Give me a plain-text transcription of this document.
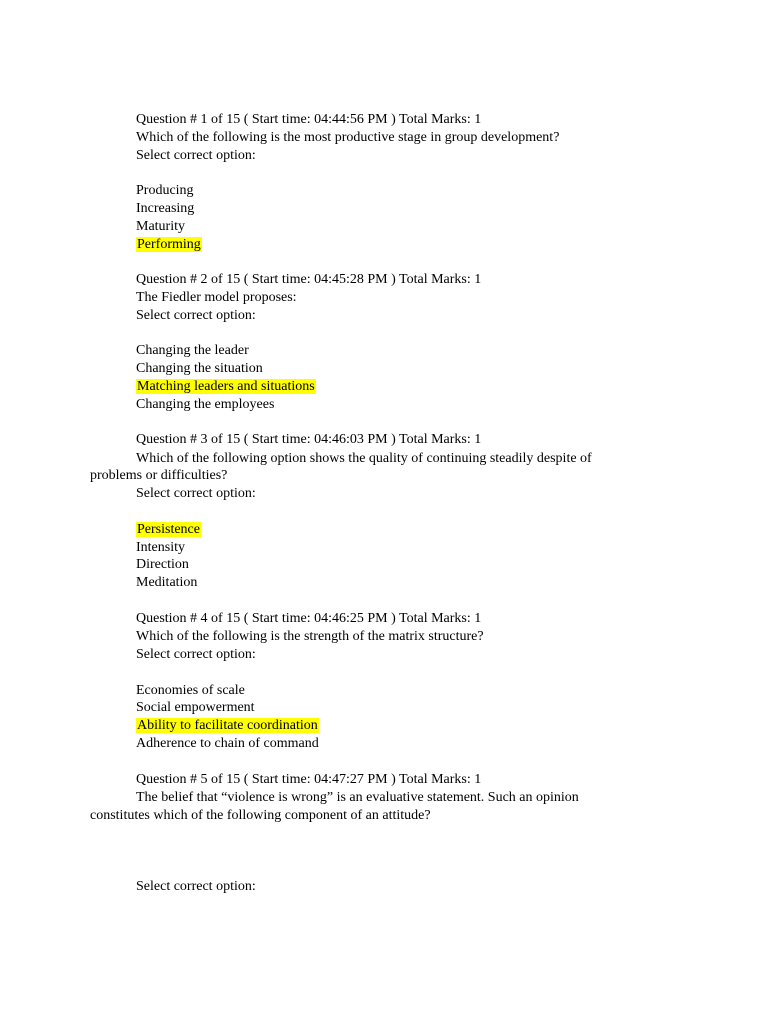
Question # 1 of 15 ( Start time: 04:44:56 PM ) Total Marks: 1
Which of the following is the most productive stage in group development?
Select correct option:
Producing
Increasing
Maturity
Performing
Question # 2 of 15 ( Start time: 04:45:28 PM ) Total Marks: 1
The Fiedler model proposes:
Select correct option:
Changing the leader
Changing the situation
Matching leaders and situations
Changing the employees
Question # 3 of 15 ( Start time: 04:46:03 PM ) Total Marks: 1
Which of the following option shows the quality of continuing steadily despite of
problems or difficulties?
Select correct option:
Persistence
Intensity
Direction
Meditation
Question # 4 of 15 ( Start time: 04:46:25 PM ) Total Marks: 1
Which of the following is the strength of the matrix structure?
Select correct option:
Economies of scale
Social empowerment
Ability to facilitate coordination
Adherence to chain of command
Question # 5 of 15 ( Start time: 04:47:27 PM ) Total Marks: 1
The belief that “violence is wrong” is an evaluative statement. Such an opinion
constitutes which of the following component of an attitude?
Select correct option:
